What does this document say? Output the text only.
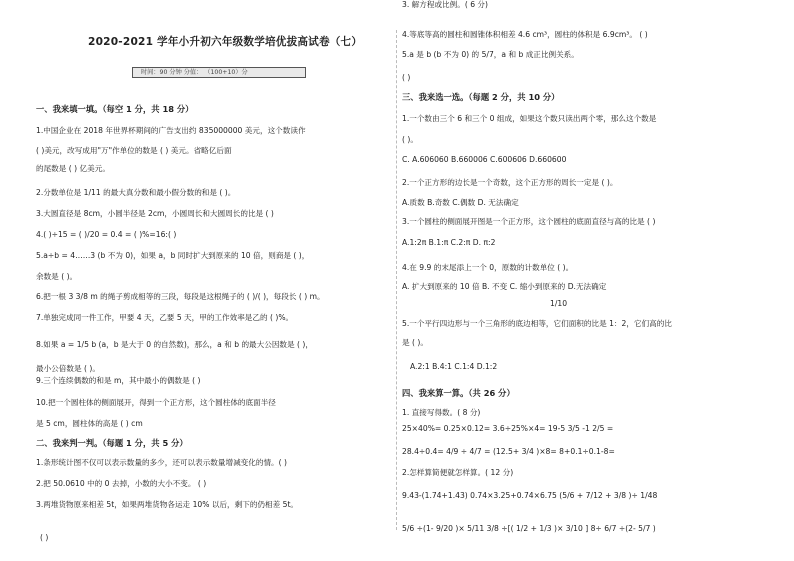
2020-2021 学年小升初六年级数学培优拔高试卷（七）
时间：90 分钟 分值： （100+10）分
一、我来填一填。（每空 1 分，共 18 分）
1.中国企业在 2018 年世界杯期间的广告支出约 835000000 美元，这个数读作
( )美元，改写成用"万"作单位的数是 ( ) 美元。省略亿后面
的尾数是 ( ) 亿美元。
2.分数单位是 1/11 的最大真分数和最小假分数的和是 ( )。
3.大圆直径是 8cm，小圆半径是 2cm，小圆周长和大圆周长的比是 ( )
4.( )÷15 = ( )/20 = 0.4 = ( )%=16:( )
5.a÷b = 4……3 (b 不为 0)，如果 a，b 同时扩大到原来的 10 倍，则商是 ( )，
余数是 ( )。
6.把一根 3 3/8 m 的绳子剪成相等的三段，每段是这根绳子的 ( )/( )，每段长 ( ) m。
7.单独完成同一件工作，甲要 4 天，乙要 5 天，甲的工作效率是乙的 ( )%。
8.如果 a = 1/5 b (a，b 是大于 0 的自然数)，那么，a 和 b 的最大公因数是 ( )，
最小公倍数是 ( )。
9.三个连续偶数的和是 m，其中最小的偶数是 ( )
10.把一个圆柱体的侧面展开，得到一个正方形，这个圆柱体的底面半径
是 5 cm，圆柱体的高是 ( ) cm
二、我来判一判。（每题 1 分，共 5 分）
1.条形统计图不仅可以表示数量的多少，还可以表示数量增减变化的情。( )
2.把 50.0610 中的 0 去掉，小数的大小不变。 ( )
3.两堆货物原来相差 5t，如果两堆货物各运走 10% 以后，剩下的仍相差 5t。
( )
4.等底等高的圆柱和圆锥体积相差 4.6 cm³，圆柱的体积是 6.9cm³。 ( )
5.a 是 b (b 不为 0) 的 5/7，a 和 b 成正比例关系。
( )
三、我来选一选。（每题 2 分，共 10 分）
1.一个数由三个 6 和三个 0 组成，如果这个数只读出两个零，那么这个数是
( )。
C. A.606060 B.660006 C.600606 D.660600
2.一个正方形的边长是一个奇数，这个正方形的周长一定是 ( )。
A.质数 B.奇数 C.偶数 D. 无法确定
3.一个圆柱的侧面展开图是一个正方形，这个圆柱的底面直径与高的比是 ( )
A.1:2π B.1:π C.2:π D. π:2
4.在 9.9 的末尾添上一个 0，原数的计数单位 ( )。
A. 扩大到原来的 10 倍 B. 不变 C. 缩小到原来的 D.无法确定
1/10
5.一个平行四边形与一个三角形的底边相等，它们面积的比是 1：2，它们高的比
是 ( )。
A.2:1 B.4:1 C.1:4 D.1:2
四、我来算一算。（共 26 分）
1. 直接写得数。( 8 分)
25×40%= 0.25×0.12= 3.6÷25%×4= 19-5 3/5 -1 2/5 =
28.4÷0.4= 4/9 ÷ 4/7 = (12.5+ 3/4 )×8= 8+0.1÷0.1-8=
2.怎样算简便就怎样算。( 12 分)
9.43-(1.74+1.43) 0.74×3.25+0.74×6.75 (5/6 + 7/12 + 3/8 )÷ 1/48
5/6 ÷(1- 9/20 )× 5/11 3/8 ÷[( 1/2 + 1/3 )× 3/10 ] 8÷ 6/7 ÷(2- 5/7 )
3. 解方程或比例。( 6 分)
